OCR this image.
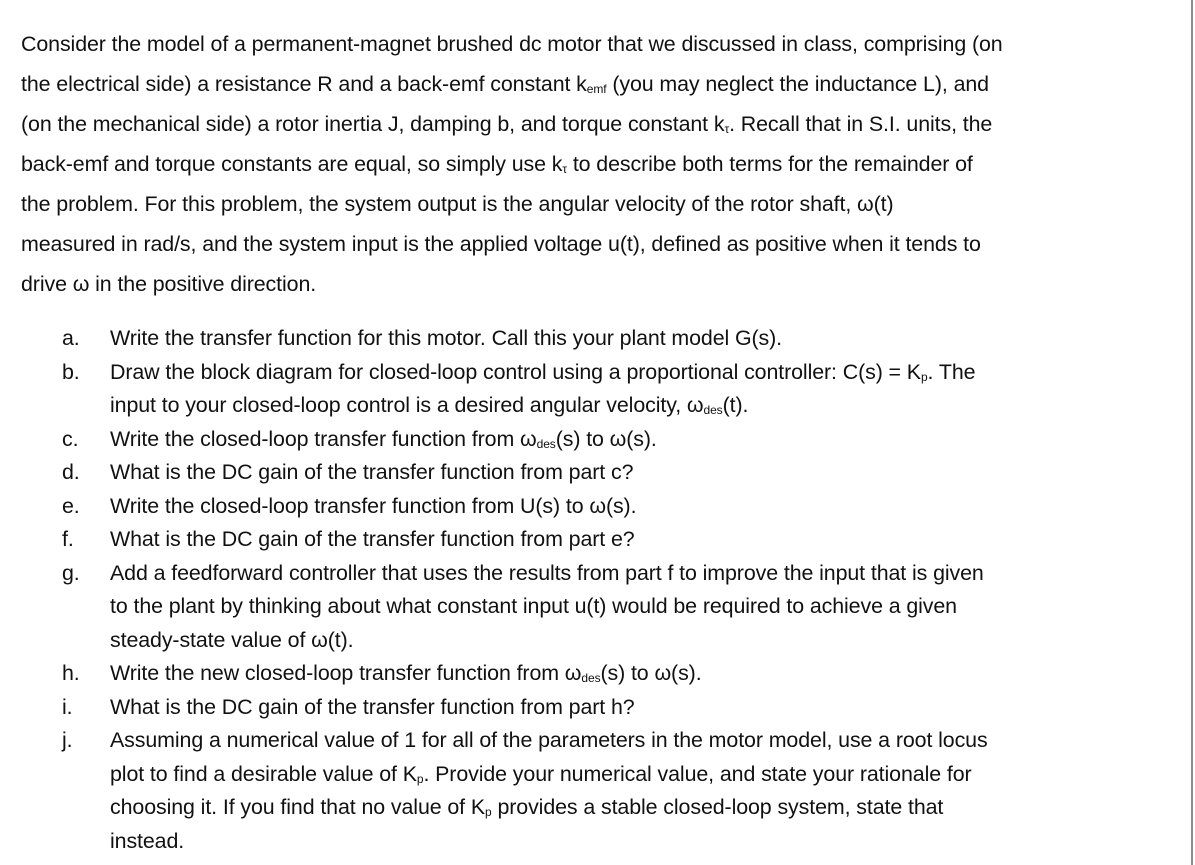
Consider the model of a permanent-magnet brushed dc motor that we discussed in class, comprising (on
the electrical side) a resistance R and a back-emf constant $k_{emf}$ (you may neglect the inductance L), and
(on the mechanical side) a rotor inertia J, damping b, and torque constant $k_\tau$. Recall that in S.I. units, the
back-emf and torque constants are equal, so simply use $k_\tau$ to describe both terms for the remainder of
the problem. For this problem, the system output is the angular velocity of the rotor shaft, ω(t)
measured in rad/s, and the system input is the applied voltage u(t), defined as positive when it tends to
drive ω in the positive direction.
a. Write the transfer function for this motor. Call this your plant model G(s).
b. Draw the block diagram for closed-loop control using a proportional controller: $C(s) = K_p$. The
input to your closed-loop control is a desired angular velocity, $\omega_{des}(t)$.
c. Write the closed-loop transfer function from $\omega_{des}(s)$ to ω(s).
d. What is the DC gain of the transfer function from part c?
e. Write the closed-loop transfer function from U(s) to ω(s).
f. What is the DC gain of the transfer function from part e?
g. Add a feedforward controller that uses the results from part f to improve the input that is given
to the plant by thinking about what constant input u(t) would be required to achieve a given
steady-state value of ω(t).
h. Write the new closed-loop transfer function from $\omega_{des}(s)$ to ω(s).
i. What is the DC gain of the transfer function from part h?
j. Assuming a numerical value of 1 for all of the parameters in the motor model, use a root locus
plot to find a desirable value of $K_p$. Provide your numerical value, and state your rationale for
choosing it. If you find that no value of $K_p$ provides a stable closed-loop system, state that
instead.
